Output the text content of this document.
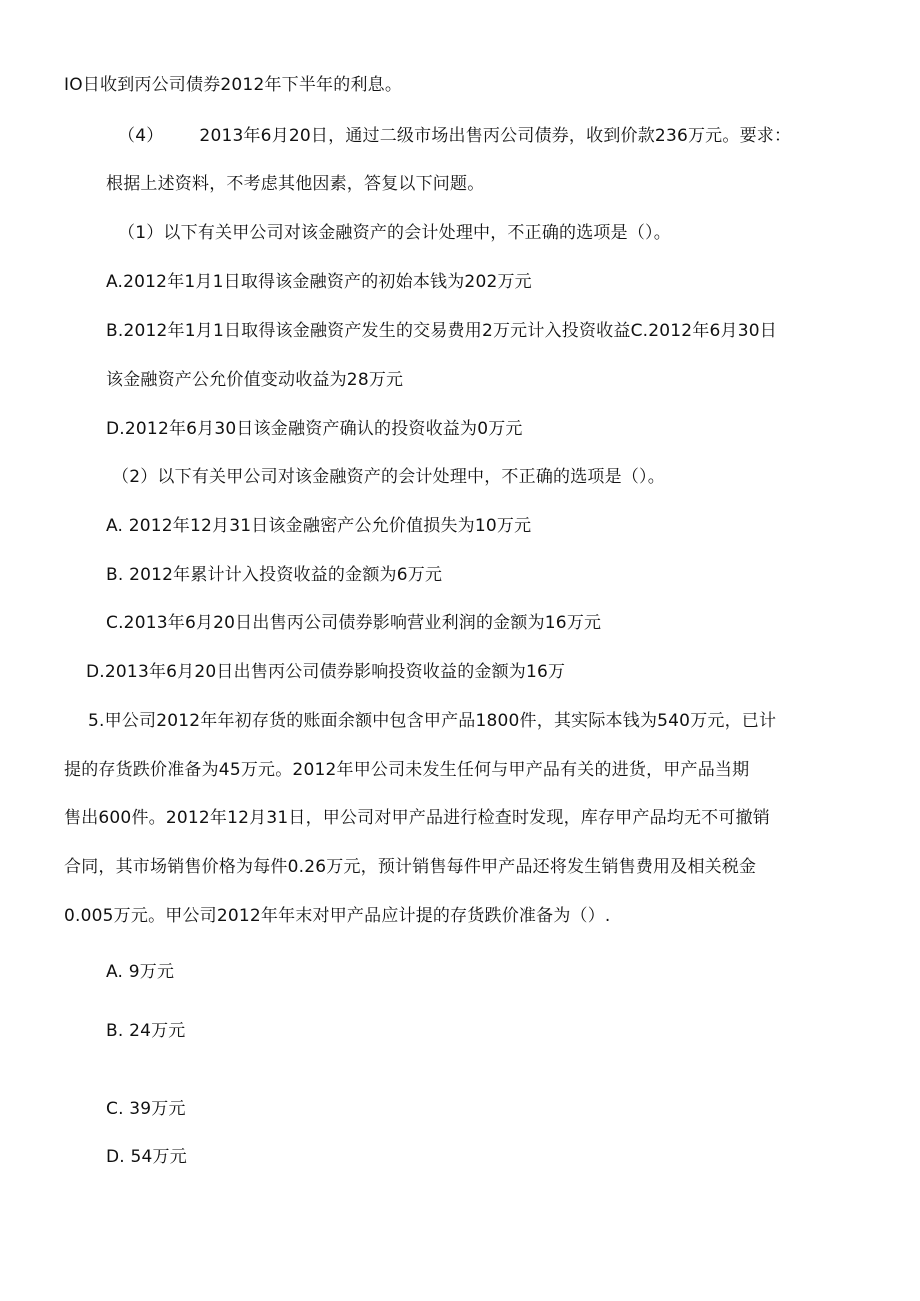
IO日收到丙公司债券2012年下半年的利息。
（4） 2013年6月20日，通过二级市场出售丙公司债券，收到价款236万元。要求：
根据上述资料，不考虑其他因素，答复以下问题。
（1）以下有关甲公司对该金融资产的会计处理中，不正确的选项是（）。
A.2012年1月1日取得该金融资产的初始本钱为202万元
B.2012年1月1日取得该金融资产发生的交易费用2万元计入投资收益C.2012年6月30日
该金融资产公允价值变动收益为28万元
D.2012年6月30日该金融资产确认的投资收益为0万元
（2）以下有关甲公司对该金融资产的会计处理中，不正确的选项是（）。
A. 2012年12月31日该金融密产公允价值损失为10万元
B. 2012年累计计入投资收益的金额为6万元
C.2013年6月20日出售丙公司债券影响营业利润的金额为16万元
D.2013年6月20日出售丙公司债券影响投资收益的金额为16万
5.甲公司2012年年初存货的账面余额中包含甲产品1800件，其实际本钱为540万元，已计
提的存货跌价准备为45万元。2012年甲公司未发生任何与甲产品有关的进货，甲产品当期
售出600件。2012年12月31日，甲公司对甲产品进行检查时发现，库存甲产品均无不可撤销
合同，其市场销售价格为每件0.26万元，预计销售每件甲产品还将发生销售费用及相关税金
0.005万元。甲公司2012年年末对甲产品应计提的存货跌价准备为（）.
A. 9万元
B. 24万元
C. 39万元
D. 54万元
